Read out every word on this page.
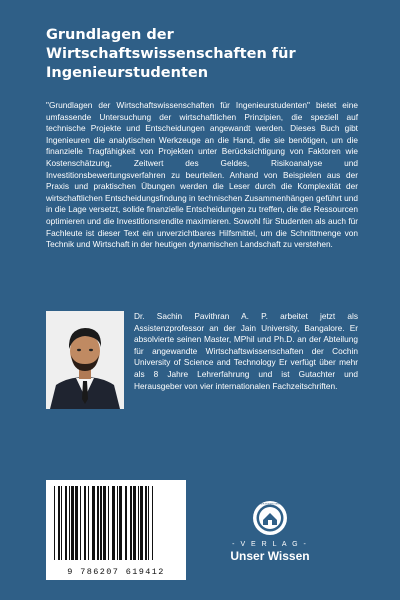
Grundlagen der
Wirtschaftswissenschaften für
Ingenieurstudenten

"Grundlagen der Wirtschaftswissenschaften für Ingenieurstudenten" bietet eine umfassende Untersuchung der wirtschaftlichen Prinzipien, die speziell auf technische Projekte und Entscheidungen angewandt werden. Dieses Buch gibt Ingenieuren die analytischen Werkzeuge an die Hand, die sie benötigen, um die finanzielle Tragfähigkeit von Projekten unter Berücksichtigung von Faktoren wie Kostenschätzung, Zeitwert des Geldes, Risikoanalyse und Investitionsbewertungsverfahren zu beurteilen. Anhand von Beispielen aus der Praxis und praktischen Übungen werden die Leser durch die Komplexität der wirtschaftlichen Entscheidungsfindung in technischen Zusammenhängen geführt und in die Lage versetzt, solide finanzielle Entscheidungen zu treffen, die die Ressourcen optimieren und die Investitionsrendite maximieren. Sowohl für Studenten als auch für Fachleute ist dieser Text ein unverzichtbares Hilfsmittel, um die Schnittmenge von Technik und Wirtschaft in der heutigen dynamischen Landschaft zu verstehen.

Dr. Sachin Pavithran A. P. arbeitet jetzt als Assistenzprofessor an der Jain University, Bangalore. Er absolvierte seinen Master, MPhil und Ph.D. an der Abteilung für angewandte Wirtschaftswissenschaften der Cochin University of Science and Technology Er verfügt über mehr als 8 Jahre Lehrerfahrung und ist Gutachter und Herausgeber von vier internationalen Fachzeitschriften.

9 786207 619412
UNSER WISSEN VERLAG
- V E R L A G -
Unser Wissen
